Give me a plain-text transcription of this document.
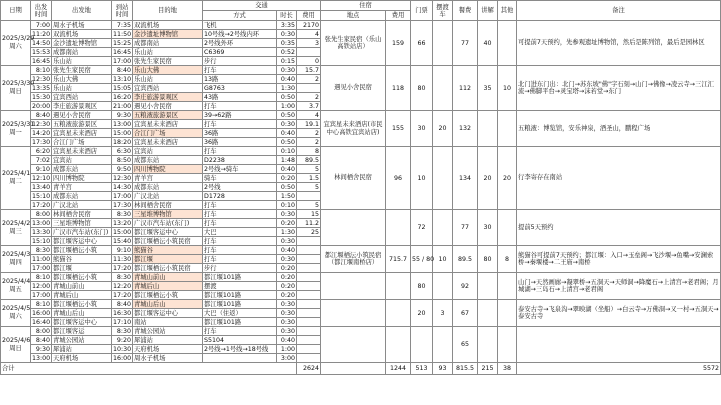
日期	出发时间	出发地	到站时间	目的地	交通			住宿		门票	摆渡车	餐费	讲解	其他	备注
					方式	时长	费用	地点	费用						
2025/3/29
周六	7:00	周水子机场	7:35	双流机场	飞机	3:35	2170	张先生家民宿（乐山高铁站店）	159	66		77	40		可提前7天预约，先参观遗址博物馆，然后是陈列馆，最后是园林区
	11:20	双流机场	11:50	金沙遗址博物馆	10号线→2号线内环	0:30	4								
	14:50	金沙遗址博物馆	15:25	成都南站	2号线外环	0:35	3								
	15:53	成都南站	16:45	乐山站	C6369	0:52									
	16:45	乐山站	17:00	张先生家民宿	步行	0:15	0								
2025/3/30
周日	8:10	张先生家民宿	8:40	乐山大佛	打车	0:30	15.7	遇见小舍民宿	118	80		112	35	10	北门进东门出：北门→苏东坡"佛"字石刻→山门→佛像→凌云寺→三江汇流→佛脚平台→灵宝塔→沫若堂→东门
	12:30	乐山大佛	13:10	乐山站	13路	0:40	2								
	13:35	乐山站	15:05	宜宾西站	G8763	1:30									
	15:30	宜宾西站	16:20	李庄旅游景观区	43路	0:50	2								
	20:00	李庄旅游景观区	21:00	遇见小舍民宿	打车	1:00	3.7								
2025/3/31
周一	8:40	遇见小舍民宿	9:30	五粮液旅游景区	39→62路	0:50	4	宜宾星未来酒店(市民中心高铁宜宾站店)	155	30	20	132			五粮液：博览馆，安乐神泉，酒圣山，鹏程广场
	12:30	五粮液旅游景区	13:00	宜宾星未来酒店	打车	0:30	19.1								
	14:20	宜宾星未来酒店	15:00	合江门广场	36路	0:40	2								
	17:30	合江门广场	18:20	宜宾星未来酒店	36路	0:50	2								
2025/4/1
周二	6:20	宜宾星未来酒店	6:30	宜宾站	打车	0:10	8	林间栖舍民宿	96	10		134	20	20	行李寄存在南站
	7:02	宜宾站	8:50	成都东站	D2238	1:48	89.5								
	9:10	成都东站	9:50	四川博物院	2号线→骑车	0:40	5								
	12:10	四川博物院	12:30	青羊宫	骑车	0:20	1.5								
	13:40	青羊宫	14:30	成都东站	2号线	0:50	5								
	15:10	成都东站	17:00	广汉北站	D1728	1:50									
	17:20	广汉北站	17:30	林间栖舍民宿	打车	0:10	5								
2025/4/2
周三	8:00	林间栖舍民宿	8:30	三星堆博物馆	打车	0:30	15			72		77	30		提前5天预约
	13:00	三星堆博物馆	13:20	广汉市汽车站(东门)	打车	0:20	11.2								
	13:30	广汉市汽车站(东门)	15:00	都江堰客运中心	大巴	1:30	25								
	15:10	都江堰客运中心	15:40	都江堰栖沄小筑民宿	打车	0:30									
2025/4/3
周四	8:30	都江堰栖沄小筑	9:10	熊猫谷	打车	0:40		都江堰栖沄小筑民宿（都江堰南桥店）	715.7	55 / 80	10	89.5	80	8	熊猫谷可提前7天预约；都江堰：入口→玉垒阁→飞沙堰→鱼嘴→安澜索桥→秦堰楼→二王庙→南桥
	11:00	熊猫谷	11:30	都江堰	打车	0:30									
	17:00	都江堰	17:20	都江堰栖沄小筑民宿	步行	0:20									
2025/4/4
周五	8:10	都江堰栖沄小筑	8:30	青城山前山	都江堰101路	0:20				80		92			山门→天然画廊→凝翠桥→五洞天→天师洞→降魔石→上清宫→老君阁；月城湖→三岛石→上清宫→老君阁
	12:00	青城山前山	12:20	青城后山	摆渡	0:20									
	17:00	青城后山	17:20	都江堰栖沄小筑	都江堰101路	0:20									
2025/4/5
周六	8:10	都江堰栖沄小筑	8:40	青城山后山	都江堰101路	0:30				20	3	67			泰安古寺→飞泉沟→翠映湖（坐船）→白云寺→万佛洞→又一村→五洞天→泰安古寺
	16:00	青城山后山	16:30	都江堰客运中心	大巴（住返）	0:30									
	16:40	都江堰客运中心	17:10	南站	都江堰101路	0:30									
2025/4/6
周日	8:00	都江堰客运	8:30	青城公园站	打车	0:30						65			
	8:40	青城公园站	9:20	犀浦站	S5104	0:40									
	9:30	犀浦站	10:30	天府机场	2号线→1号线→18号线	1:00									
	13:00	天府机场	16:00	周水子机场		3:00									
合计							2624		1244	513	93	815.5	215	38	5572
